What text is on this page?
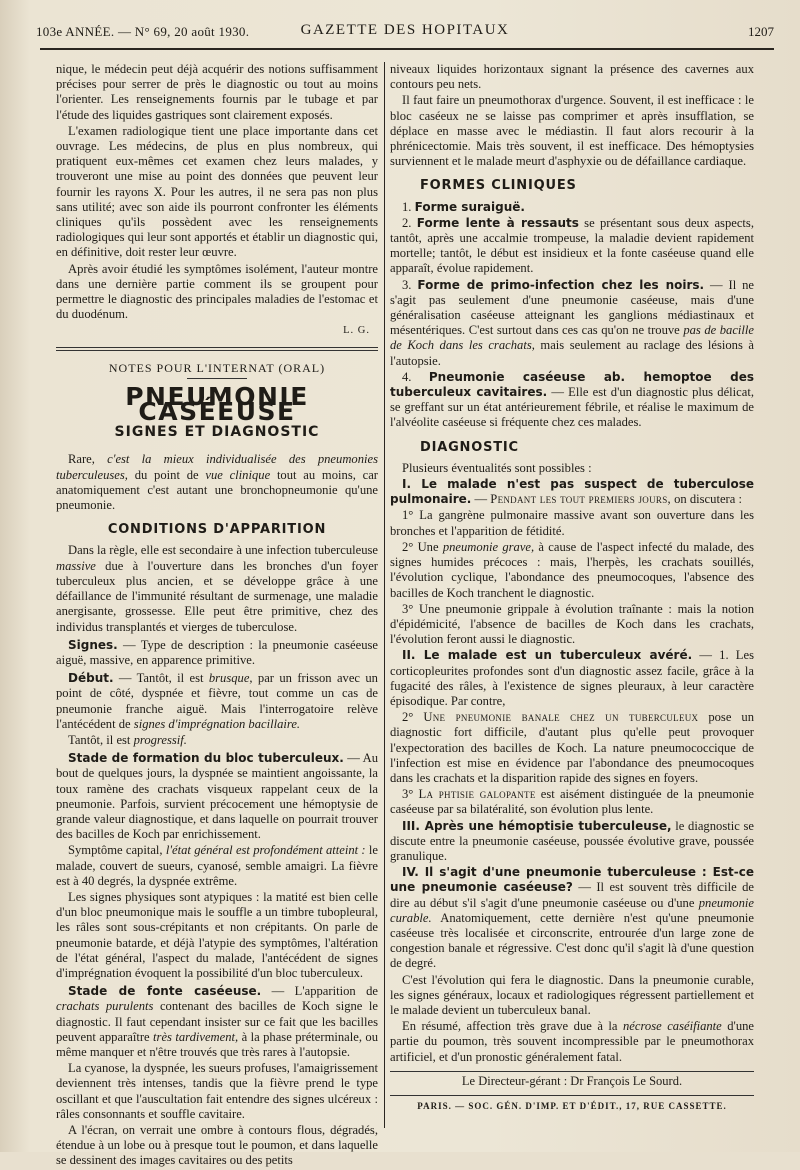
103e ANNÉE. — N° 69, 20 août 1930.	GAZETTE DES HOPITAUX	1207

nique, le médecin peut déjà acquérir des notions suffisamment précises pour serrer de près le diagnostic ou tout au moins l'orienter. Les renseignements fournis par le tubage et par l'étude des liquides gastriques sont clairement exposés.

L'examen radiologique tient une place importante dans cet ouvrage. Les médecins, de plus en plus nombreux, qui pratiquent eux-mêmes cet examen chez leurs malades, y trouveront une mise au point des données que peuvent leur fournir les rayons X. Pour les autres, il ne sera pas non plus sans utilité; avec son aide ils pourront confronter les éléments cliniques qu'ils possèdent avec les renseignements radiologiques qui leur sont apportés et établir un diagnostic qui, en définitive, doit rester leur œuvre.

Après avoir étudié les symptômes isolément, l'auteur montre dans une dernière partie comment ils se groupent pour permettre le diagnostic des principales maladies de l'estomac et du duodénum.

L. G.

NOTES POUR L'INTERNAT (ORAL)
PNEUMONIE CASÉEUSE
SIGNES ET DIAGNOSTIC

Rare, c'est la mieux individualisée des pneumonies tuberculeuses, du point de vue clinique tout au moins, car anatomiquement c'est autant une bronchopneumonie qu'une pneumonie.

CONDITIONS D'APPARITION

Dans la règle, elle est secondaire à une infection tuberculeuse massive due à l'ouverture dans les bronches d'un foyer tuberculeux plus ancien, et se développe grâce à une défaillance de l'immunité résultant de surmenage, une maladie anergisante, grossesse. Elle peut être primitive, chez des individus transplantés et vierges de tuberculose.

Signes. — Type de description : la pneumonie caséeuse aiguë, massive, en apparence primitive.

Début. — Tantôt, il est brusque, par un frisson avec un point de côté, dyspnée et fièvre, tout comme un cas de pneumonie franche aiguë. Mais l'interrogatoire relève l'antécédent de signes d'imprégnation bacillaire.

Tantôt, il est progressif.

Stade de formation du bloc tuberculeux. — Au bout de quelques jours, la dyspnée se maintient angoissante, la toux ramène des crachats visqueux rappelant ceux de la pneumonie. Parfois, survient précocement une hémoptysie de grande valeur diagnostique, et dans laquelle on pourrait trouver des bacilles de Koch par enrichissement.

Symptôme capital, l'état général est profondément atteint : le malade, couvert de sueurs, cyanosé, semble amaigri. La fièvre est à 40 degrés, la dyspnée extrême.

Les signes physiques sont atypiques : la matité est bien celle d'un bloc pneumonique mais le souffle a un timbre tubopleural, les râles sont sous-crépitants et non crépitants. On parle de pneumonie batarde, et déjà l'atypie des symptômes, l'altération de l'état général, l'aspect du malade, l'antécédent de signes d'imprégnation évoquent la possibilité d'un bloc tuberculeux.

Stade de fonte caséeuse. — L'apparition de crachats purulents contenant des bacilles de Koch signe le diagnostic. Il faut cependant insister sur ce fait que les bacilles peuvent apparaître très tardivement, à la phase préterminale, ou même manquer et n'être trouvés que très rares à l'autopsie.

La cyanose, la dyspnée, les sueurs profuses, l'amaigrissement deviennent très intenses, tandis que la fièvre prend le type oscillant et que l'auscultation fait entendre des signes ulcéreux : râles consonnants et souffle cavitaire.

A l'écran, on verrait une ombre à contours flous, dégradés, étendue à un lobe ou à presque tout le poumon, et dans laquelle se dessinent des images cavitaires ou des petits

niveaux liquides horizontaux signant la présence des cavernes aux contours peu nets.

Il faut faire un pneumothorax d'urgence. Souvent, il est inefficace : le bloc caséeux ne se laisse pas comprimer et après insufflation, se déplace en masse avec le médiastin. Il faut alors recourir à la phrénicectomie. Mais très souvent, il est inefficace. Des hémoptysies surviennent et le malade meurt d'asphyxie ou de défaillance cardiaque.

FORMES CLINIQUES

1. Forme suraiguë.

2. Forme lente à ressauts se présentant sous deux aspects, tantôt, après une accalmie trompeuse, la maladie devient rapidement mortelle; tantôt, le début est insidieux et la fonte caséeuse quand elle apparaît, évolue rapidement.

3. Forme de primo-infection chez les noirs. — Il ne s'agit pas seulement d'une pneumonie caséeuse, mais d'une généralisation caséeuse atteignant les ganglions médiastinaux et mésentériques. C'est surtout dans ces cas qu'on ne trouve pas de bacille de Koch dans les crachats, mais seulement au raclage des lésions à l'autopsie.

4. Pneumonie caséeuse ab. hemoptoe des tuberculeux cavitaires. — Elle est d'un diagnostic plus délicat, se greffant sur un état antérieurement fébrile, et réalise le maximum de l'alvéolite caséeuse si fréquente chez ces malades.

DIAGNOSTIC

Plusieurs éventualités sont possibles :

I. Le malade n'est pas suspect de tuberculose pulmonaire. — Pendant les tout premiers jours, on discutera :

1° La gangrène pulmonaire massive avant son ouverture dans les bronches et l'apparition de fétidité.

2° Une pneumonie grave, à cause de l'aspect infecté du malade, des signes humides précoces : mais, l'herpès, les crachats souillés, l'évolution cyclique, l'abondance des pneumocoques, l'absence des bacilles de Koch tranchent le diagnostic.

3° Une pneumonie grippale à évolution traînante : mais la notion d'épidémicité, l'absence de bacilles de Koch dans les crachats, l'évolution feront aussi le diagnostic.

II. Le malade est un tuberculeux avéré. — 1. Les corticopleurites profondes sont d'un diagnostic assez facile, grâce à la fugacité des râles, à l'existence de signes pleuraux, à leur caractère épisodique. Par contre,

2° Une pneumonie banale chez un tuberculeux pose un diagnostic fort difficile, d'autant plus qu'elle peut provoquer l'expectoration des bacilles de Koch. La nature pneumococcique de l'infection est mise en évidence par l'abondance des pneumocoques dans les crachats et la disparition rapide des signes en foyers.

3° La phtisie galopante est aisément distinguée de la pneumonie caséeuse par sa bilatéralité, son évolution plus lente.

III. Après une hémoptisie tuberculeuse, le diagnostic se discute entre la pneumonie caséeuse, poussée évolutive grave, poussée granulique.

IV. Il s'agit d'une pneumonie tuberculeuse : Est-ce une pneumonie caséeuse? — Il est souvent très difficile de dire au début s'il s'agit d'une pneumonie caséeuse ou d'une pneumonie curable. Anatomiquement, cette dernière n'est qu'une pneumonie caséeuse très localisée et circonscrite, entrourée d'un large zone de congestion banale et régressive. C'est donc qu'il s'agit là d'une question de degré.

C'est l'évolution qui fera le diagnostic. Dans la pneumonie curable, les signes généraux, locaux et radiologiques régressent partiellement et le malade devient un tuberculeux banal.

En résumé, affection très grave due à la nécrose caséifiante d'une partie du poumon, très souvent incompressible par le pneumothorax artificiel, et d'un pronostic généralement fatal.

Le Directeur-gérant : Dr François Le Sourd.
PARIS. — SOC. GÉN. D'IMP. ET D'ÉDIT., 17, RUE CASSETTE.
